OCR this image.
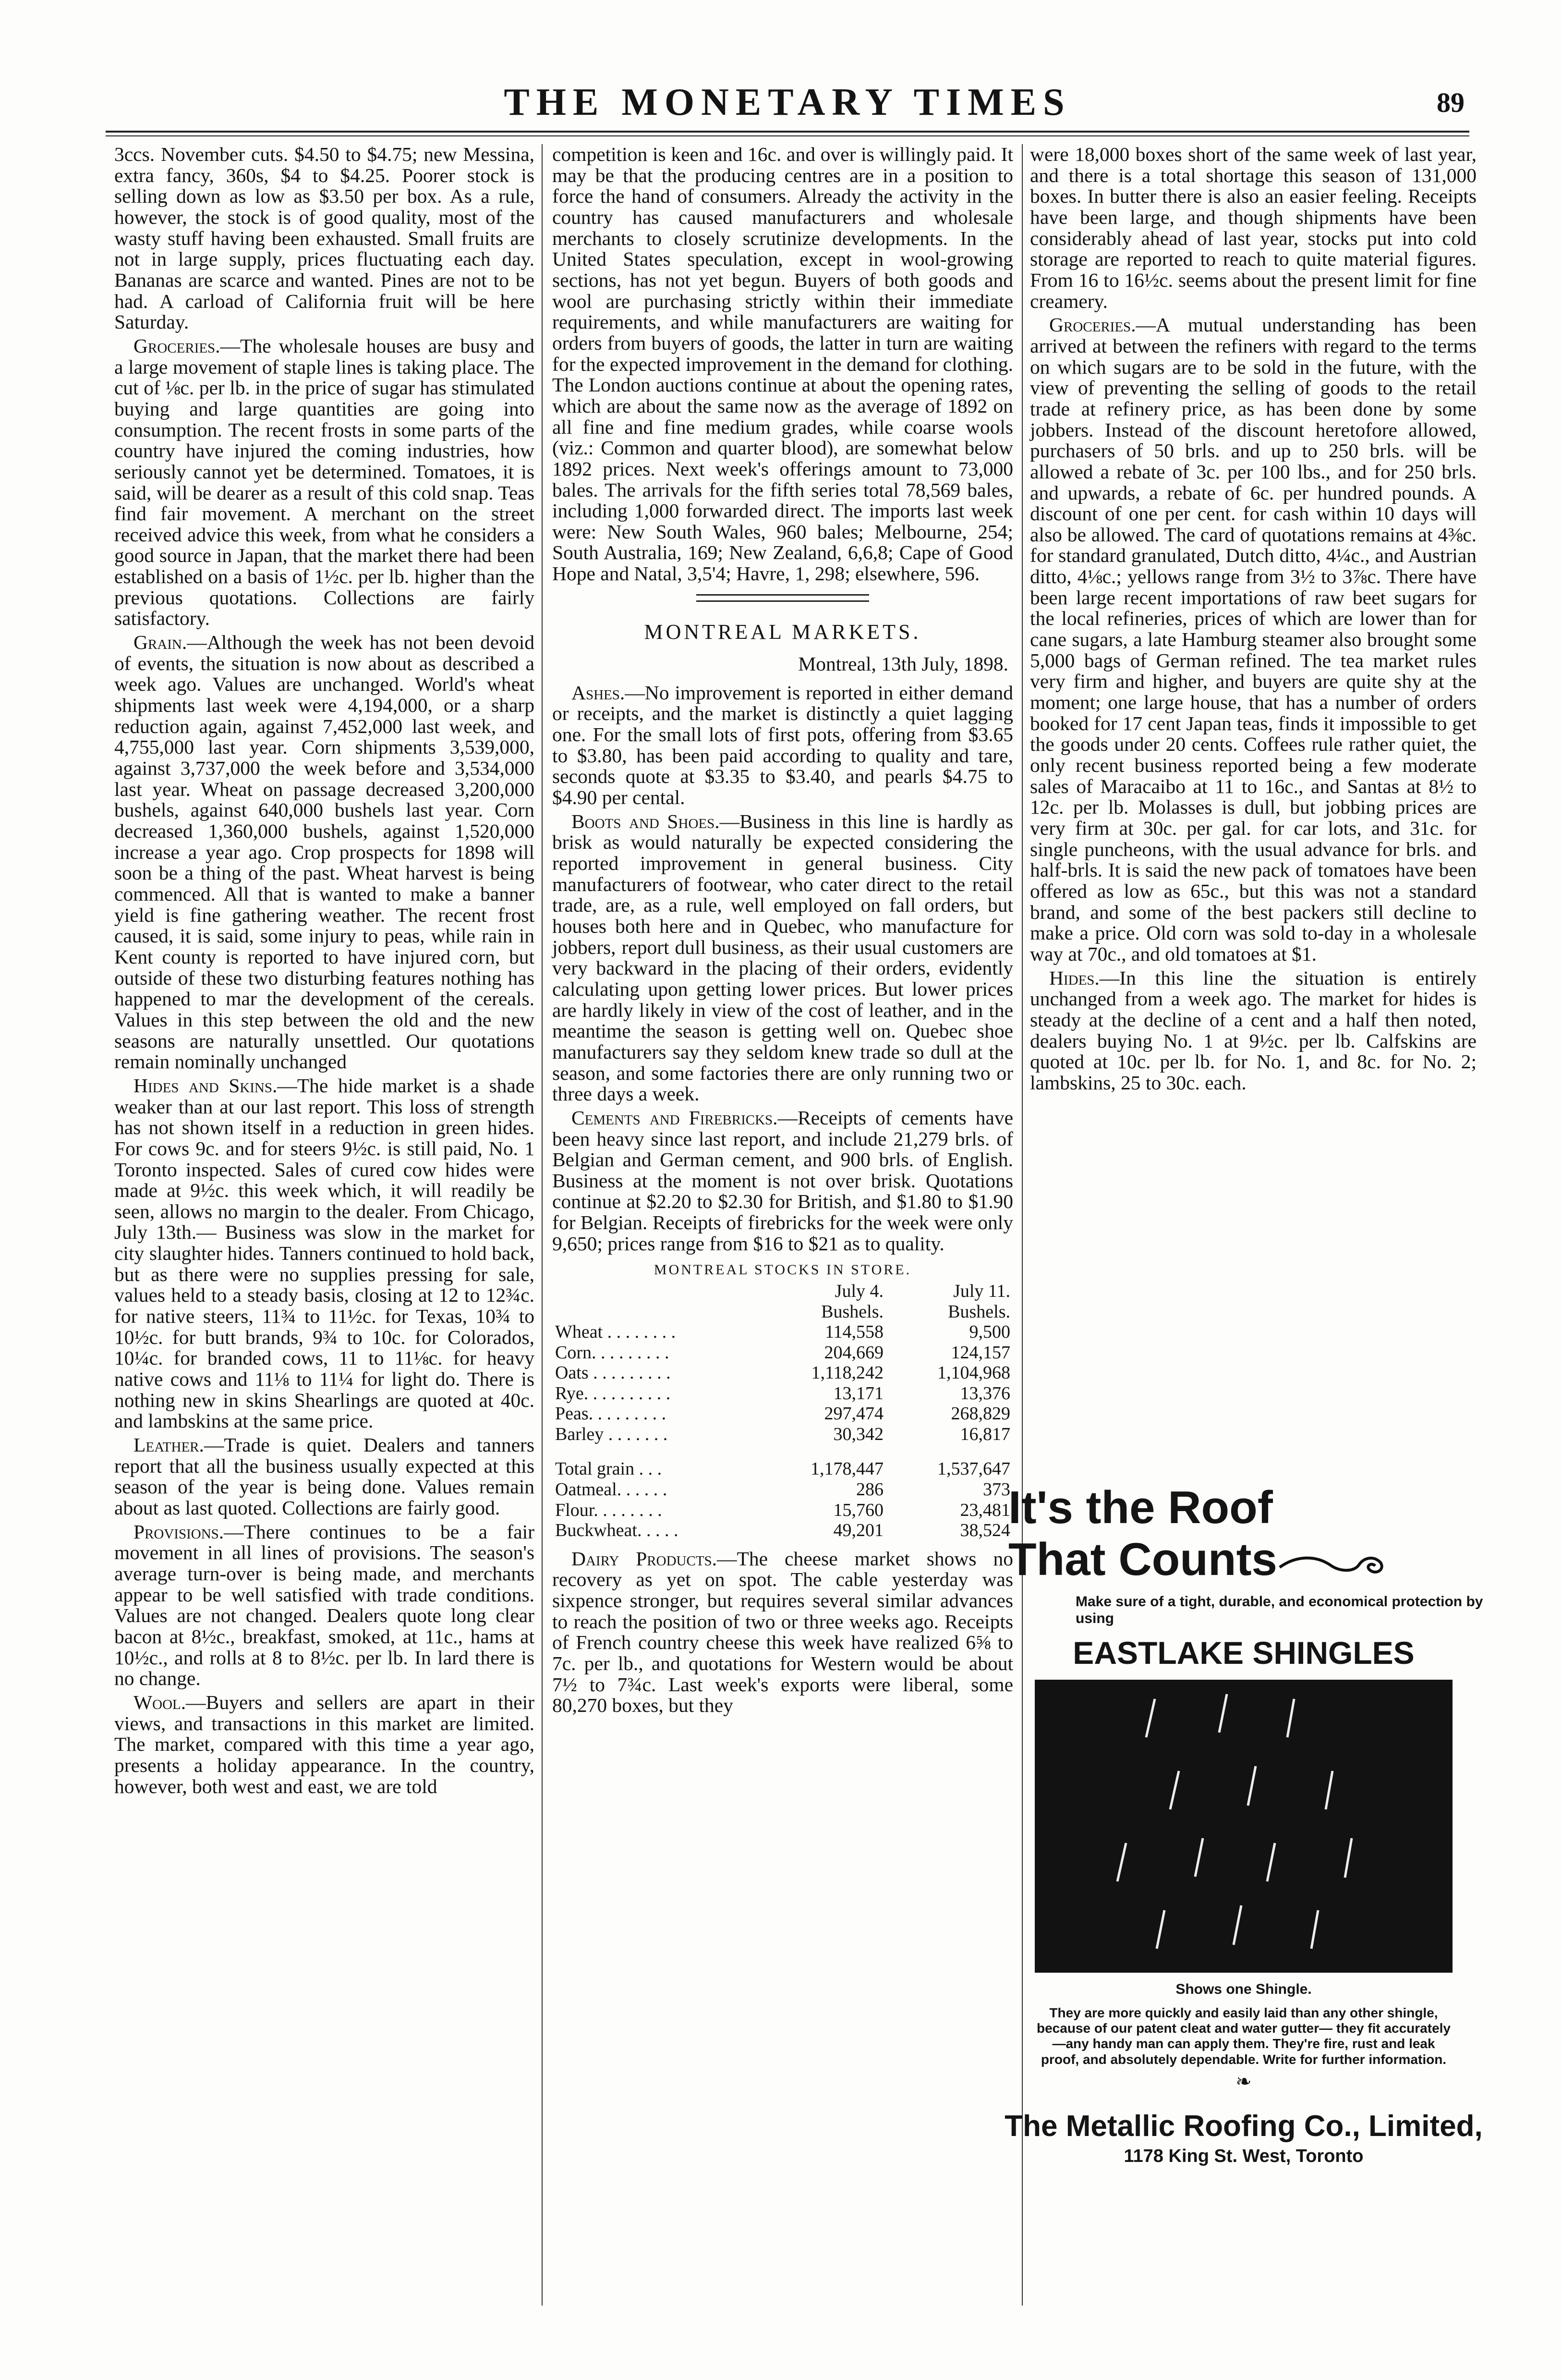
THE MONETARY TIMES	89

3ccs. November cuts. $4.50 to $4.75; new Messina, extra fancy, 360s, $4 to $4.25. Poorer stock is selling down as low as $3.50 per box. As a rule, however, the stock is of good quality, most of the wasty stuff having been exhausted. Small fruits are not in large supply, prices fluctuating each day. Bananas are scarce and wanted. Pines are not to be had. A carload of California fruit will be here Saturday.

Groceries.—The wholesale houses are busy and a large movement of staple lines is taking place. The cut of ⅛c. per lb. in the price of sugar has stimulated buying and large quantities are going into consumption. The recent frosts in some parts of the country have injured the coming industries, how seriously cannot yet be determined. Tomatoes, it is said, will be dearer as a result of this cold snap. Teas find fair movement. A merchant on the street received advice this week, from what he considers a good source in Japan, that the market there had been established on a basis of 1½c. per lb. higher than the previous quotations. Collections are fairly satisfactory.

Grain.—Although the week has not been devoid of events, the situation is now about as described a week ago. Values are unchanged. World's wheat shipments last week were 4,194,000, or a sharp reduction again, against 7,452,000 last week, and 4,755,000 last year. Corn shipments 3,539,000, against 3,737,000 the week before and 3,534,000 last year. Wheat on passage decreased 3,200,000 bushels, against 640,000 bushels last year. Corn decreased 1,360,000 bushels, against 1,520,000 increase a year ago. Crop prospects for 1898 will soon be a thing of the past. Wheat harvest is being commenced. All that is wanted to make a banner yield is fine gathering weather. The recent frost caused, it is said, some injury to peas, while rain in Kent county is reported to have injured corn, but outside of these two disturbing features nothing has happened to mar the development of the cereals. Values in this step between the old and the new seasons are naturally unsettled. Our quotations remain nominally unchanged

Hides and Skins.—The hide market is a shade weaker than at our last report. This loss of strength has not shown itself in a reduction in green hides. For cows 9c. and for steers 9½c. is still paid, No. 1 Toronto inspected. Sales of cured cow hides were made at 9½c. this week which, it will readily be seen, allows no margin to the dealer. From Chicago, July 13th.— Business was slow in the market for city slaughter hides. Tanners continued to hold back, but as there were no supplies pressing for sale, values held to a steady basis, closing at 12 to 12¾c. for native steers, 11¾ to 11½c. for Texas, 10¾ to 10½c. for butt brands, 9¾ to 10c. for Colorados, 10¼c. for branded cows, 11 to 11⅛c. for heavy native cows and 11⅛ to 11¼ for light do. There is nothing new in skins Shearlings are quoted at 40c. and lambskins at the same price.

Leather.—Trade is quiet. Dealers and tanners report that all the business usually expected at this season of the year is being done. Values remain about as last quoted. Collections are fairly good.

Provisions.—There continues to be a fair movement in all lines of provisions. The season's average turn-over is being made, and merchants appear to be well satisfied with trade conditions. Values are not changed. Dealers quote long clear bacon at 8½c., breakfast, smoked, at 11c., hams at 10½c., and rolls at 8 to 8½c. per lb. In lard there is no change.

Wool.—Buyers and sellers are apart in their views, and transactions in this market are limited. The market, compared with this time a year ago, presents a holiday appearance. In the country, however, both west and east, we are told

competition is keen and 16c. and over is willingly paid. It may be that the producing centres are in a position to force the hand of consumers. Already the activity in the country has caused manufacturers and wholesale merchants to closely scrutinize developments. In the United States speculation, except in wool-growing sections, has not yet begun. Buyers of both goods and wool are purchasing strictly within their immediate requirements, and while manufacturers are waiting for orders from buyers of goods, the latter in turn are waiting for the expected improvement in the demand for clothing. The London auctions continue at about the opening rates, which are about the same now as the average of 1892 on all fine and fine medium grades, while coarse wools (viz.: Common and quarter blood), are somewhat below 1892 prices. Next week's offerings amount to 73,000 bales. The arrivals for the fifth series total 78,569 bales, including 1,000 forwarded direct. The imports last week were: New South Wales, 960 bales; Melbourne, 254; South Australia, 169; New Zealand, 6,6,8; Cape of Good Hope and Natal, 3,5'4; Havre, 1, 298; elsewhere, 596.

MONTREAL MARKETS.
Montreal, 13th July, 1898.

Ashes.—No improvement is reported in either demand or receipts, and the market is distinctly a quiet lagging one. For the small lots of first pots, offering from $3.65 to $3.80, has been paid according to quality and tare, seconds quote at $3.35 to $3.40, and pearls $4.75 to $4.90 per cental.

Boots and Shoes.—Business in this line is hardly as brisk as would naturally be expected considering the reported improvement in general business. City manufacturers of footwear, who cater direct to the retail trade, are, as a rule, well employed on fall orders, but houses both here and in Quebec, who manufacture for jobbers, report dull business, as their usual customers are very backward in the placing of their orders, evidently calculating upon getting lower prices. But lower prices are hardly likely in view of the cost of leather, and in the meantime the season is getting well on. Quebec shoe manufacturers say they seldom knew trade so dull at the season, and some factories there are only running two or three days a week.

Cements and Firebricks.—Receipts of cements have been heavy since last report, and include 21,279 brls. of Belgian and German cement, and 900 brls. of English. Business at the moment is not over brisk. Quotations continue at $2.20 to $2.30 for British, and $1.80 to $1.90 for Belgian. Receipts of firebricks for the week were only 9,650; prices range from $16 to $21 as to quality.

MONTREAL STOCKS IN STORE.
	July 4.	July 11.
	Bushels.	Bushels.
Wheat . . . . . . . .	114,558	9,500
Corn. . . . . . . . .	204,669	124,157
Oats . . . . . . . . .	1,118,242	1,104,968
Rye. . . . . . . . . .	13,171	13,376
Peas. . . . . . . . .	297,474	268,829
Barley . . . . . . .	30,342	16,817
Total grain . . .	1,178,447	1,537,647
Oatmeal. . . . . .	286	373
Flour. . . . . . . .	15,760	23,481
Buckwheat. . . . .	49,201	38,524

Dairy Products.—The cheese market shows no recovery as yet on spot. The cable yesterday was sixpence stronger, but requires several similar advances to reach the position of two or three weeks ago. Receipts of French country cheese this week have realized 6⅝ to 7c. per lb., and quotations for Western would be about 7½ to 7¾c. Last week's exports were liberal, some 80,270 boxes, but they

were 18,000 boxes short of the same week of last year, and there is a total shortage this season of 131,000 boxes. In butter there is also an easier feeling. Receipts have been large, and though shipments have been considerably ahead of last year, stocks put into cold storage are reported to reach to quite material figures. From 16 to 16½c. seems about the present limit for fine creamery.

Groceries.—A mutual understanding has been arrived at between the refiners with regard to the terms on which sugars are to be sold in the future, with the view of preventing the selling of goods to the retail trade at refinery price, as has been done by some jobbers. Instead of the discount heretofore allowed, purchasers of 50 brls. and up to 250 brls. will be allowed a rebate of 3c. per 100 lbs., and for 250 brls. and upwards, a rebate of 6c. per hundred pounds. A discount of one per cent. for cash within 10 days will also be allowed. The card of quotations remains at 4⅜c. for standard granulated, Dutch ditto, 4¼c., and Austrian ditto, 4⅛c.; yellows range from 3½ to 3⅞c. There have been large recent importations of raw beet sugars for the local refineries, prices of which are lower than for cane sugars, a late Hamburg steamer also brought some 5,000 bags of German refined. The tea market rules very firm and higher, and buyers are quite shy at the moment; one large house, that has a number of orders booked for 17 cent Japan teas, finds it impossible to get the goods under 20 cents. Coffees rule rather quiet, the only recent business reported being a few moderate sales of Maracaibo at 11 to 16c., and Santas at 8½ to 12c. per lb. Molasses is dull, but jobbing prices are very firm at 30c. per gal. for car lots, and 31c. for single puncheons, with the usual advance for brls. and half-brls. It is said the new pack of tomatoes have been offered as low as 65c., but this was not a standard brand, and some of the best packers still decline to make a price. Old corn was sold to-day in a wholesale way at 70c., and old tomatoes at $1.

Hides.—In this line the situation is entirely unchanged from a week ago. The market for hides is steady at the decline of a cent and a half then noted, dealers buying No. 1 at 9½c. per lb. Calfskins are quoted at 10c. per lb. for No. 1, and 8c. for No. 2; lambskins, 25 to 30c. each.

It's the Roof
That Counts
Make sure of a tight, durable, and economical protection by using
EASTLAKE SHINGLES
Shows one Shingle.
They are more quickly and easily laid than any other shingle, because of our patent cleat and water gutter— they fit accurately—any handy man can apply them. They're fire, rust and leak proof, and absolutely dependable. Write for further information.
❧
The Metallic Roofing Co., Limited,
1178 King St. West, Toronto
